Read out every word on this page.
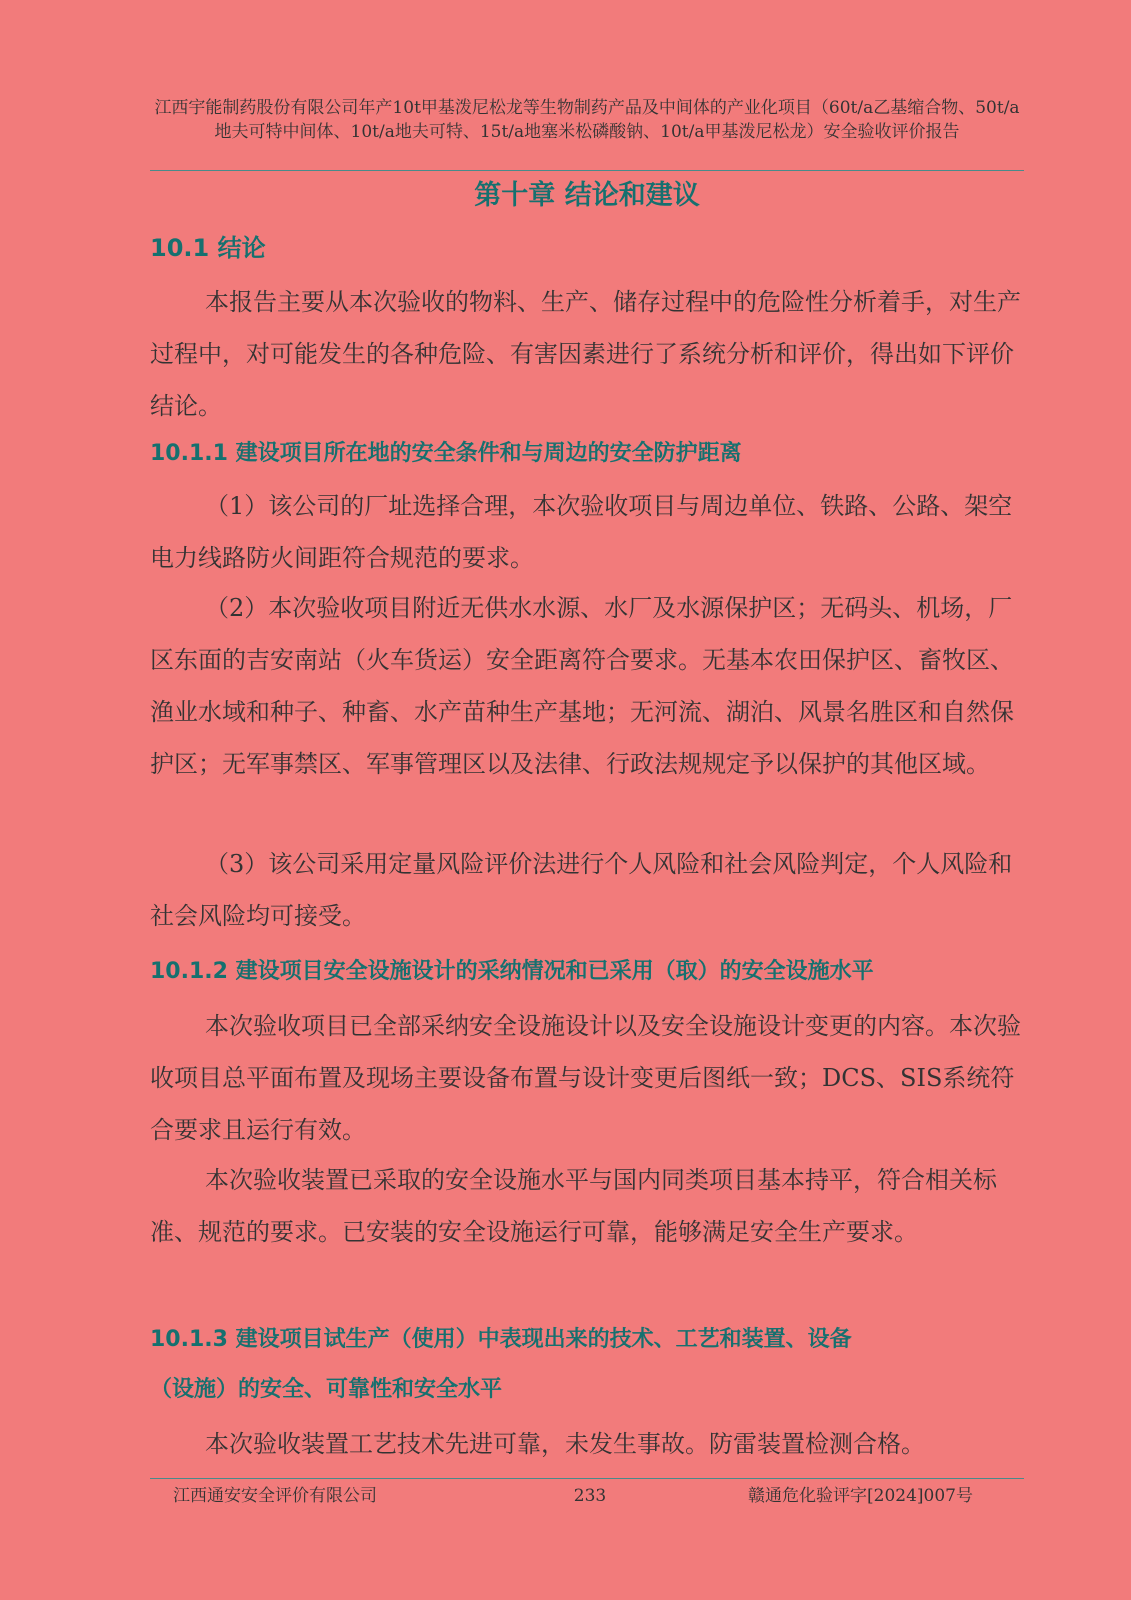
江西宇能制药股份有限公司年产10t甲基泼尼松龙等生物制药产品及中间体的产业化项目（60t/a乙基缩合物、50t/a地夫可特中间体、10t/a地夫可特、15t/a地塞米松磷酸钠、10t/a甲基泼尼松龙）安全验收评价报告
第十章 结论和建议
10.1 结论

本报告主要从本次验收的物料、生产、储存过程中的危险性分析着手，对生产过程中，对可能发生的各种危险、有害因素进行了系统分析和评价，得出如下评价结论。

10.1.1 建设项目所在地的安全条件和与周边的安全防护距离

（1）该公司的厂址选择合理，本次验收项目与周边单位、铁路、公路、架空电力线路防火间距符合规范的要求。

（2）本次验收项目附近无供水水源、水厂及水源保护区；无码头、机场，厂区东面的吉安南站（火车货运）安全距离符合要求。无基本农田保护区、畜牧区、渔业水域和种子、种畜、水产苗种生产基地；无河流、湖泊、风景名胜区和自然保护区；无军事禁区、军事管理区以及法律、行政法规规定予以保护的其他区域。

（3）该公司采用定量风险评价法进行个人风险和社会风险判定，个人风险和社会风险均可接受。

10.1.2 建设项目安全设施设计的采纳情况和已采用（取）的安全设施水平

本次验收项目已全部采纳安全设施设计以及安全设施设计变更的内容。本次验收项目总平面布置及现场主要设备布置与设计变更后图纸一致；DCS、SIS系统符合要求且运行有效。

本次验收装置已采取的安全设施水平与国内同类项目基本持平，符合相关标准、规范的要求。已安装的安全设施运行可靠，能够满足安全生产要求。

10.1.3 建设项目试生产（使用）中表现出来的技术、工艺和装置、设备
（设施）的安全、可靠性和安全水平

本次验收装置工艺技术先进可靠，未发生事故。防雷装置检测合格。

江西通安安全评价有限公司	233	赣通危化验评字[2024]007号
